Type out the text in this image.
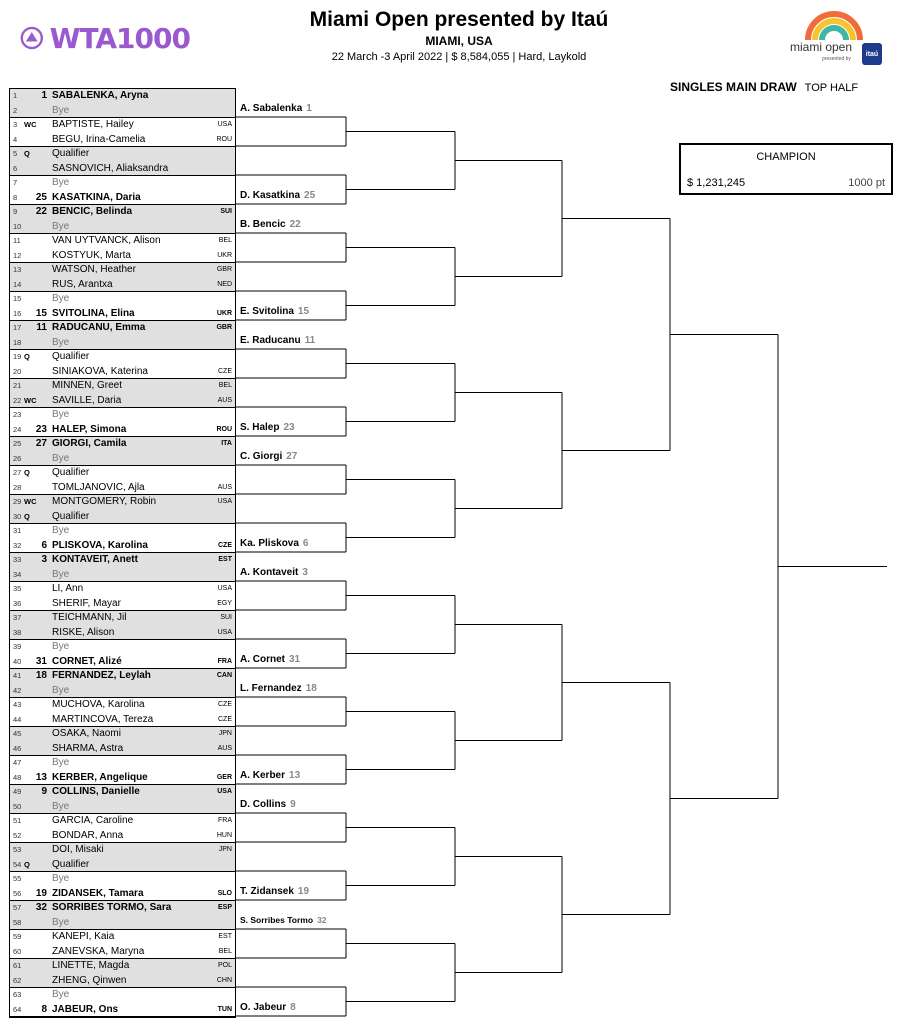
WTA1000
Miami Open presented by Itaú
MIAMI, USA
22 March -3 April 2022 | $ 8,584,055 | Hard, Laykold
miami open
presented by
itaú
SINGLES MAIN DRAW TOP HALF
CHAMPION
$ 1,231,245	1000 pt
1 1 SABALENKA, Aryna
2	Bye
3 WC BAPTISTE, Hailey	USA
4	BEGU, Irina-Camelia	ROU
5 Q Qualifier
6	SASNOVICH, Aliaksandra
7	Bye
8 25 KASATKINA, Daria
9 22 BENCIC, Belinda	SUI
10	Bye
11	VAN UYTVANCK, Alison	BEL
12	KOSTYUK, Marta	UKR
13	WATSON, Heather	GBR
14	RUS, Arantxa	NED
15	Bye
16 15 SVITOLINA, Elina	UKR
17 11 RADUCANU, Emma	GBR
18	Bye
19 Q Qualifier
20	SINIAKOVA, Katerina	CZE
21	MINNEN, Greet	BEL
22 WC SAVILLE, Daria	AUS
23	Bye
24 23 HALEP, Simona	ROU
25 27 GIORGI, Camila	ITA
26	Bye
27 Q Qualifier
28	TOMLJANOVIC, Ajla	AUS
29 WC MONTGOMERY, Robin	USA
30 Q Qualifier
31	Bye
32 6 PLISKOVA, Karolina	CZE
33 3 KONTAVEIT, Anett	EST
34	Bye
35	LI, Ann	USA
36	SHERIF, Mayar	EGY
37	TEICHMANN, Jil	SUI
38	RISKE, Alison	USA
39	Bye
40 31 CORNET, Alizé	FRA
41 18 FERNANDEZ, Leylah	CAN
42	Bye
43	MUCHOVA, Karolina	CZE
44	MARTINCOVA, Tereza	CZE
45	OSAKA, Naomi	JPN
46	SHARMA, Astra	AUS
47	Bye
48 13 KERBER, Angelique	GER
49 9 COLLINS, Danielle	USA
50	Bye
51	GARCIA, Caroline	FRA
52	BONDAR, Anna	HUN
53	DOI, Misaki	JPN
54 Q Qualifier
55	Bye
56 19 ZIDANSEK, Tamara	SLO
57 32 SORRIBES TORMO, Sara	ESP
58	Bye
59	KANEPI, Kaia	EST
60	ZANEVSKA, Maryna	BEL
61	LINETTE, Magda	POL
62	ZHENG, Qinwen	CHN
63	Bye
64 8 JABEUR, Ons	TUN
A. Sabalenka 1
D. Kasatkina 25
B. Bencic 22
E. Svitolina 15
E. Raducanu 11
S. Halep 23
C. Giorgi 27
Ka. Pliskova 6
A. Kontaveit 3
A. Cornet 31
L. Fernandez 18
A. Kerber 13
D. Collins 9
T. Zidansek 19
S. Sorribes Tormo 32
O. Jabeur 8
